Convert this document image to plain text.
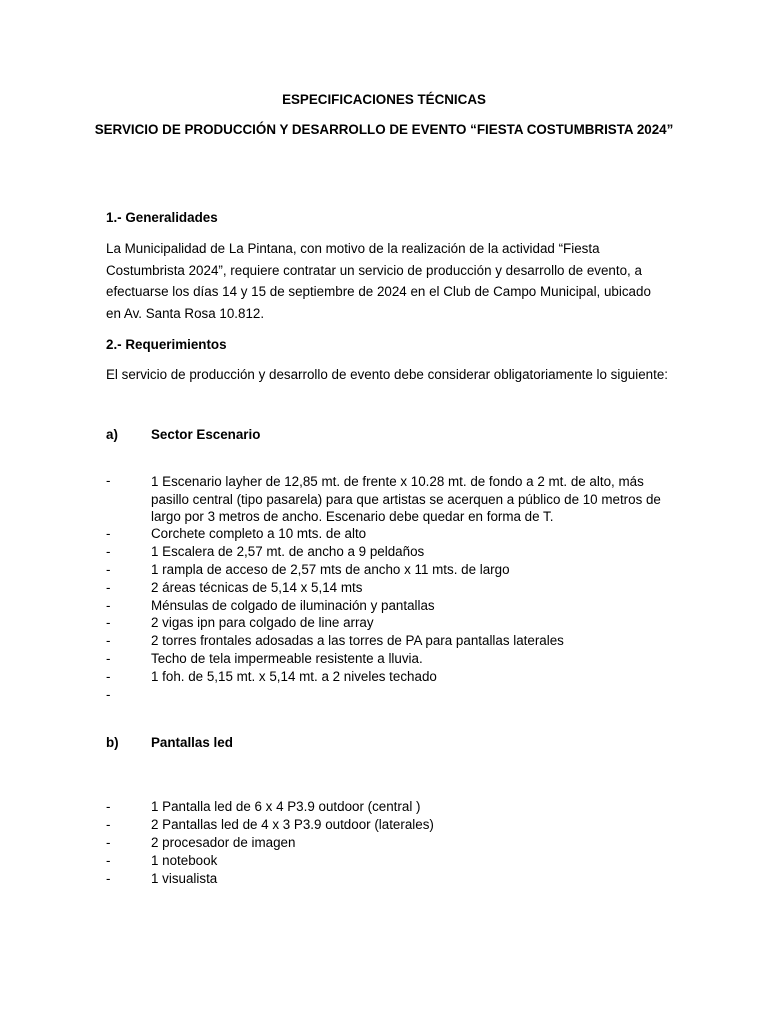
ESPECIFICACIONES TÉCNICAS
SERVICIO DE PRODUCCIÓN Y DESARROLLO DE EVENTO “FIESTA COSTUMBRISTA 2024”
1.- Generalidades
La Municipalidad de La Pintana, con motivo de la realización de la actividad “Fiesta Costumbrista 2024”, requiere contratar un servicio de producción y desarrollo de evento, a efectuarse los días 14 y 15 de septiembre de 2024 en el Club de Campo Municipal, ubicado en Av. Santa Rosa 10.812.
2.- Requerimientos
El servicio de producción y desarrollo de evento debe considerar obligatoriamente lo siguiente:
a) Sector Escenario
-	1 Escenario layher de 12,85 mt. de frente x 10.28 mt. de fondo a 2 mt. de alto, más pasillo central (tipo pasarela) para que artistas se acerquen a público de 10 metros de largo por 3 metros de ancho. Escenario debe quedar en forma de T.
-	Corchete completo a 10 mts. de alto
-	1 Escalera de 2,57 mt. de ancho a 9 peldaños
-	1 rampla de acceso de 2,57 mts de ancho x 11 mts. de largo
-	2 áreas técnicas de 5,14 x 5,14 mts
-	Ménsulas de colgado de iluminación y pantallas
-	2 vigas ipn para colgado de line array
-	2 torres frontales adosadas a las torres de PA para pantallas laterales
-	Techo de tela impermeable resistente a lluvia.
-	1 foh. de 5,15 mt. x 5,14 mt. a 2 niveles techado
-
b) Pantallas led
-	1 Pantalla led de 6 x 4 P3.9 outdoor (central )
-	2 Pantallas led de 4 x 3 P3.9 outdoor (laterales)
-	2 procesador de imagen
-	1 notebook
-	1 visualista
